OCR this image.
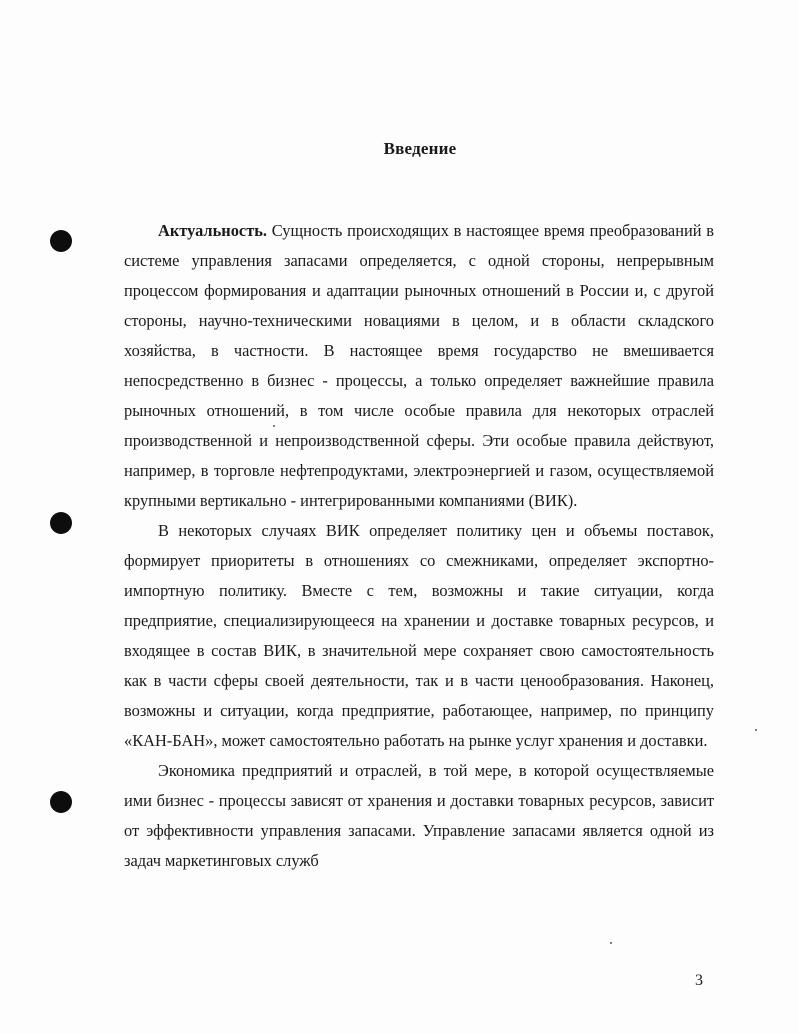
Введение

Актуальность. Сущность происходящих в настоящее время преобразований в системе управления запасами определяется, с одной стороны, непрерывным процессом формирования и адаптации рыночных отношений в России и, с другой стороны, научно-техническими новациями в целом, и в области складского хозяйства, в частности. В настоящее время государство не вмешивается непосредственно в бизнес - процессы, а только определяет важнейшие правила рыночных отношений, в том числе особые правила для некоторых отраслей производственной и непроизводственной сферы. Эти особые правила действуют, например, в торговле нефтепродуктами, электроэнергией и газом, осуществляемой крупными вертикально - интегрированными компаниями (ВИК).

В некоторых случаях ВИК определяет политику цен и объемы поставок, формирует приоритеты в отношениях со смежниками, определяет экспортно-импортную политику. Вместе с тем, возможны и такие ситуации, когда предприятие, специализирующееся на хранении и доставке товарных ресурсов, и входящее в состав ВИК, в значительной мере сохраняет свою самостоятельность как в части сферы своей деятельности, так и в части ценообразования. Наконец, возможны и ситуации, когда предприятие, работающее, например, по принципу «КАН-БАН», может самостоятельно работать на рынке услуг хранения и доставки.

Экономика предприятий и отраслей, в той мере, в которой осуществляемые ими бизнес - процессы зависят от хранения и доставки товарных ресурсов, зависит от эффективности управления запасами. Управление запасами является одной из задач маркетинговых служб

3
